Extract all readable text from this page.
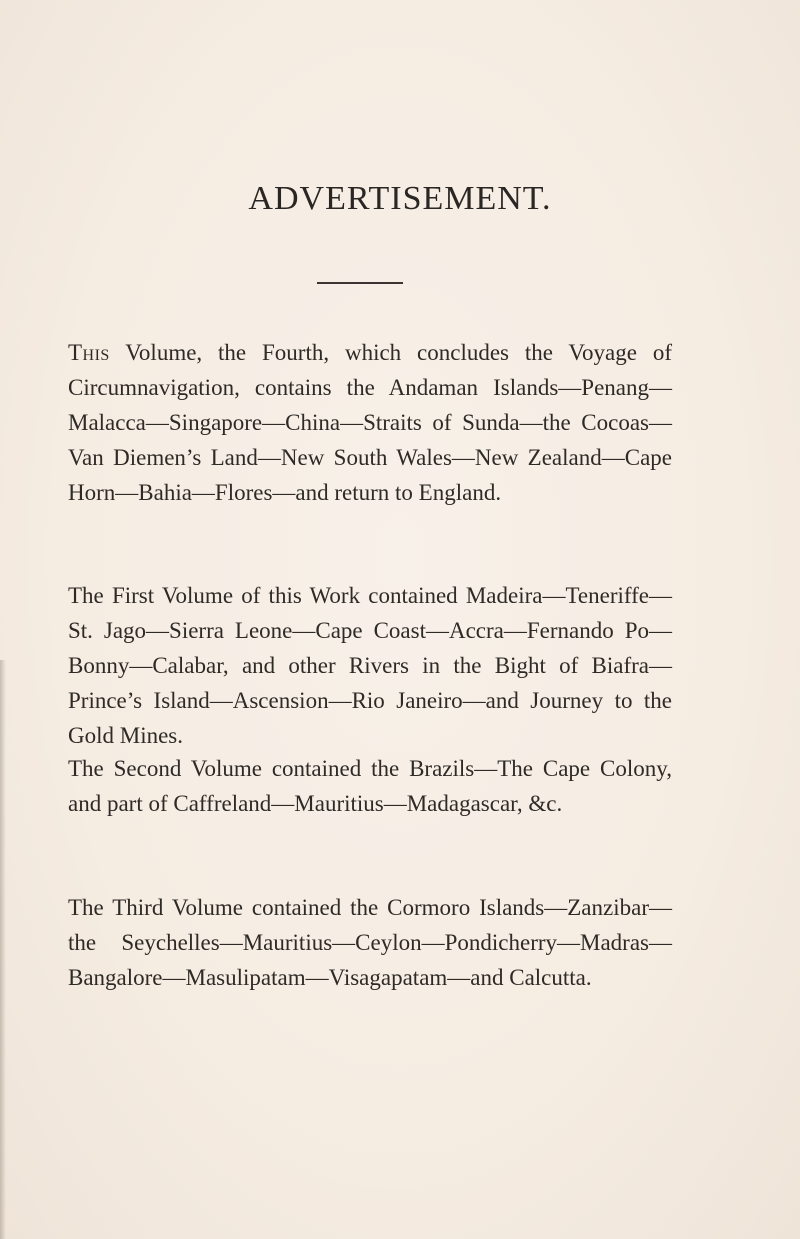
ADVERTISEMENT.

This Volume, the Fourth, which concludes the Voyage of Circumnavigation, contains the Andaman Islands—Penang—Malacca—Singapore—China—Straits of Sunda—the Cocoas—Van Diemen’s Land—New South Wales—New Zealand—Cape Horn—Bahia—Flores—and return to England.

The First Volume of this Work contained Madeira—Teneriffe—St. Jago—Sierra Leone—Cape Coast—Accra—Fernando Po—Bonny—Calabar, and other Rivers in the Bight of Biafra—Prince’s Island—Ascension—Rio Janeiro—and Journey to the Gold Mines.

The Second Volume contained the Brazils—The Cape Colony, and part of Caffreland—Mauritius—Madagascar, &c.

The Third Volume contained the Cormoro Islands—Zanzibar—the Seychelles—Mauritius—Ceylon—Pondicherry—Madras—Bangalore—Masulipatam—Visagapatam—and Calcutta.
